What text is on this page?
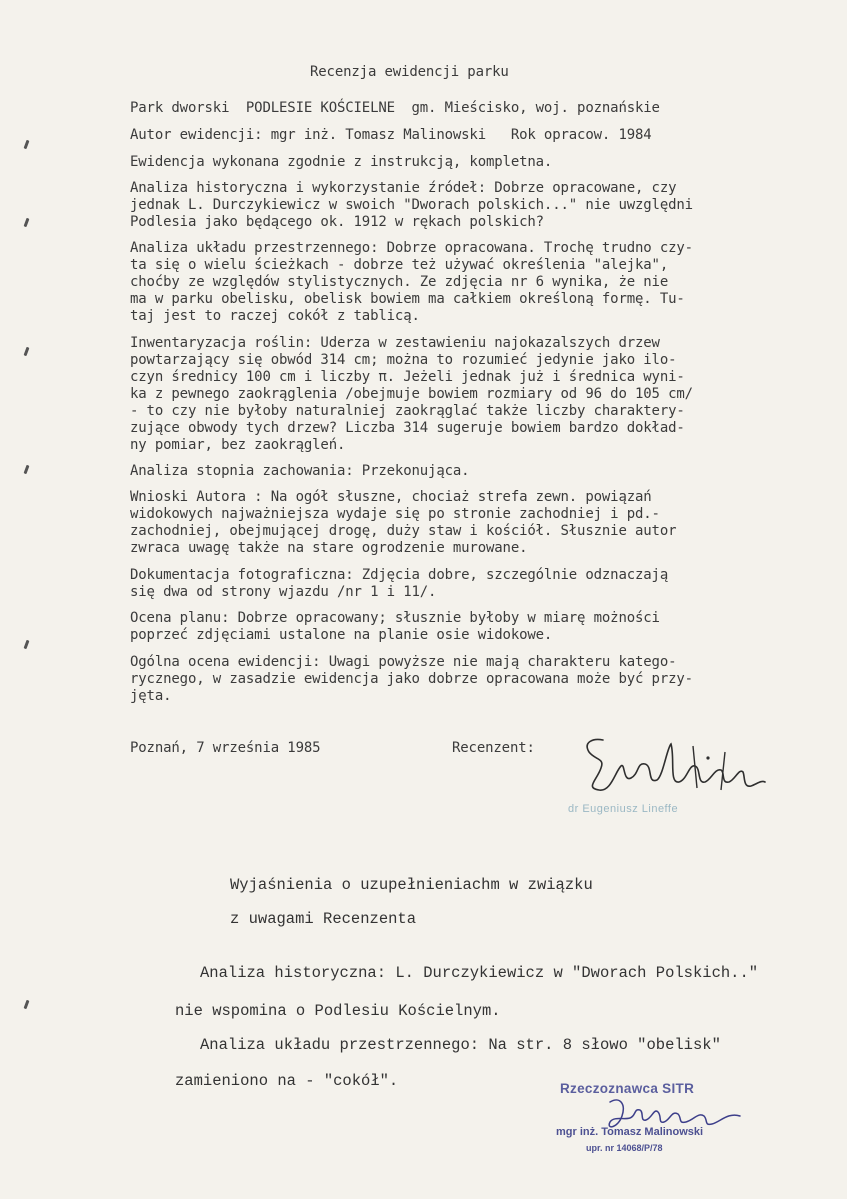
Recenzja ewidencji parku
Park dworski  PODLESIE KOŚCIELNE  gm. Mieścisko, woj. poznańskie
Autor ewidencji: mgr inż. Tomasz Malinowski   Rok opracow. 1984
Ewidencja wykonana zgodnie z instrukcją, kompletna.
Analiza historyczna i wykorzystanie źródeł: Dobrze opracowane, czy
jednak L. Durczykiewicz w swoich "Dworach polskich..." nie uwzględni
Podlesia jako będącego ok. 1912 w rękach polskich?
Analiza układu przestrzennego: Dobrze opracowana. Trochę trudno czy-
ta się o wielu ścieżkach - dobrze też używać określenia "alejka",
choćby ze względów stylistycznych. Ze zdjęcia nr 6 wynika, że nie
ma w parku obelisku, obelisk bowiem ma całkiem określoną formę. Tu-
taj jest to raczej cokół z tablicą.
Inwentaryzacja roślin: Uderza w zestawieniu najokazalszych drzew
powtarzający się obwód 314 cm; można to rozumieć jedynie jako ilo-
czyn średnicy 100 cm i liczby π. Jeżeli jednak już i średnica wyni-
ka z pewnego zaokrąglenia /obejmuje bowiem rozmiary od 96 do 105 cm/
- to czy nie byłoby naturalniej zaokrąglać także liczby charaktery-
zujące obwody tych drzew? Liczba 314 sugeruje bowiem bardzo dokład-
ny pomiar, bez zaokrągleń.
Analiza stopnia zachowania: Przekonująca.
Wnioski Autora : Na ogół słuszne, chociaż strefa zewn. powiązań
widokowych najważniejsza wydaje się po stronie zachodniej i pd.-
zachodniej, obejmującej drogę, duży staw i kościół. Słusznie autor
zwraca uwagę także na stare ogrodzenie murowane.
Dokumentacja fotograficzna: Zdjęcia dobre, szczególnie odznaczają
się dwa od strony wjazdu /nr 1 i 11/.
Ocena planu: Dobrze opracowany; słusznie byłoby w miarę możności
poprzeć zdjęciami ustalone na planie osie widokowe.
Ogólna ocena ewidencji: Uwagi powyższe nie mają charakteru katego-
rycznego, w zasadzie ewidencja jako dobrze opracowana może być przy-
jęta.
Poznań, 7 września 1985	Recenzent:
dr Eugeniusz Lineffe
Wyjaśnienia o uzupełnieniachm w związku
z uwagami Recenzenta
Analiza historyczna: L. Durczykiewicz w "Dworach Polskich.."
nie wspomina o Podlesiu Kościelnym.
Analiza układu przestrzennego: Na str. 8 słowo "obelisk"
zamieniono na - "cokół".	Rzeczoznawca SITR
mgr inż. Tomasz Malinowski
upr. nr 14068/P/78
